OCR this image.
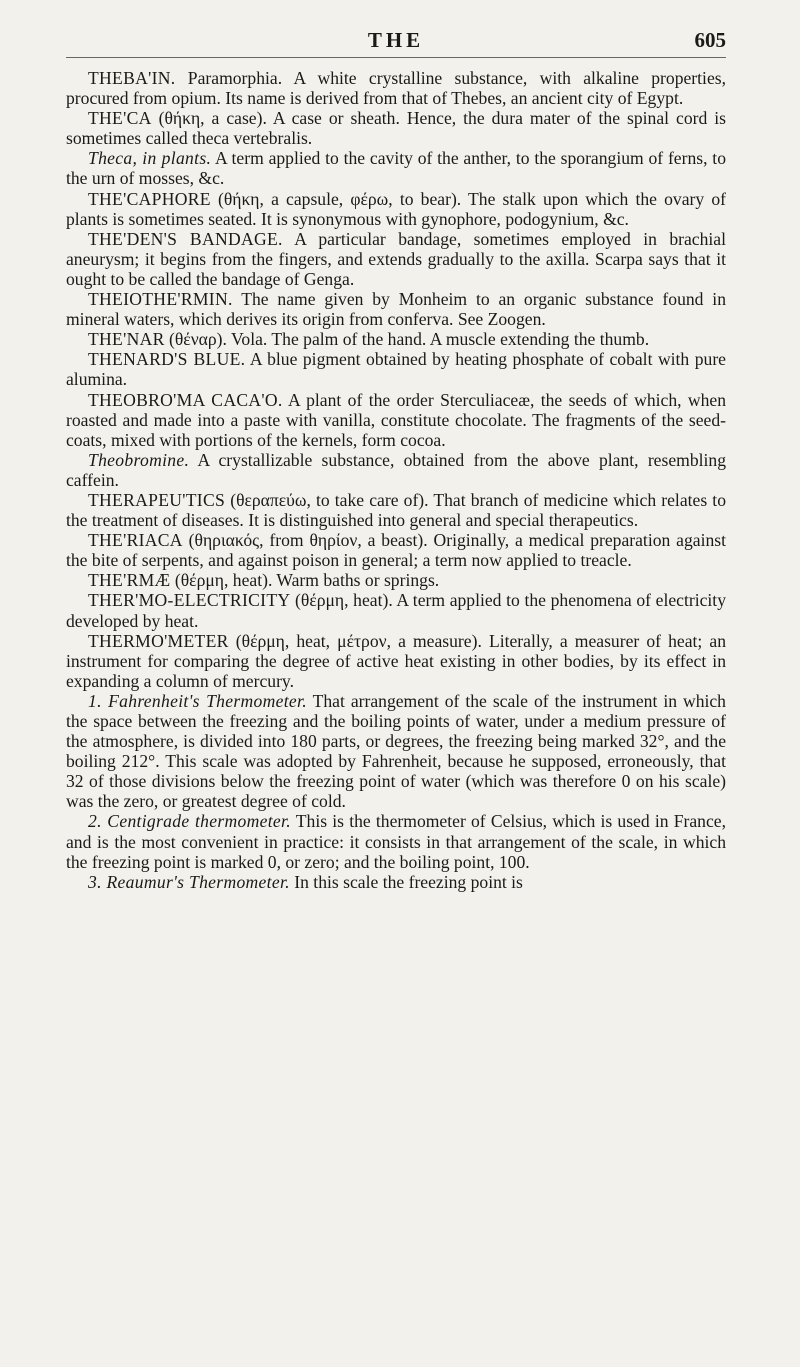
THE	605

THEBA'IN. Paramorphia. A white crystalline substance, with alkaline properties, procured from opium. Its name is derived from that of Thebes, an ancient city of Egypt.

THE'CA (θήκη, a case). A case or sheath. Hence, the dura mater of the spinal cord is sometimes called theca vertebralis.

Theca, in plants. A term applied to the cavity of the anther, to the sporangium of ferns, to the urn of mosses, &c.

THE'CAPHORE (θήκη, a capsule, φέρω, to bear). The stalk upon which the ovary of plants is sometimes seated. It is synonymous with gynophore, podogynium, &c.

THE'DEN'S BANDAGE. A particular bandage, sometimes employed in brachial aneurysm; it begins from the fingers, and extends gradually to the axilla. Scarpa says that it ought to be called the bandage of Genga.

THEIOTHE'RMIN. The name given by Monheim to an organic substance found in mineral waters, which derives its origin from conferva. See Zoogen.

THE'NAR (θέναρ). Vola. The palm of the hand. A muscle extending the thumb.

THENARD'S BLUE. A blue pigment obtained by heating phosphate of cobalt with pure alumina.

THEOBRO'MA CACA'O. A plant of the order Sterculiaceæ, the seeds of which, when roasted and made into a paste with vanilla, constitute chocolate. The fragments of the seed-coats, mixed with portions of the kernels, form cocoa.

Theobromine. A crystallizable substance, obtained from the above plant, resembling caffein.

THERAPEU'TICS (θεραπεύω, to take care of). That branch of medicine which relates to the treatment of diseases. It is distinguished into general and special therapeutics.

THE'RIACA (θηριακός, from θηρίον, a beast). Originally, a medical preparation against the bite of serpents, and against poison in general; a term now applied to treacle.

THE'RMÆ (θέρμη, heat). Warm baths or springs.

THER'MO-ELECTRICITY (θέρμη, heat). A term applied to the phenomena of electricity developed by heat.

THERMO'METER (θέρμη, heat, μέτρον, a measure). Literally, a measurer of heat; an instrument for comparing the degree of active heat existing in other bodies, by its effect in expanding a column of mercury.

1. Fahrenheit's Thermometer. That arrangement of the scale of the instrument in which the space between the freezing and the boiling points of water, under a medium pressure of the atmosphere, is divided into 180 parts, or degrees, the freezing being marked 32°, and the boiling 212°. This scale was adopted by Fahrenheit, because he supposed, erroneously, that 32 of those divisions below the freezing point of water (which was therefore 0 on his scale) was the zero, or greatest degree of cold.

2. Centigrade thermometer. This is the thermometer of Celsius, which is used in France, and is the most convenient in practice: it consists in that arrangement of the scale, in which the freezing point is marked 0, or zero; and the boiling point, 100.

3. Reaumur's Thermometer. In this scale the freezing point is
